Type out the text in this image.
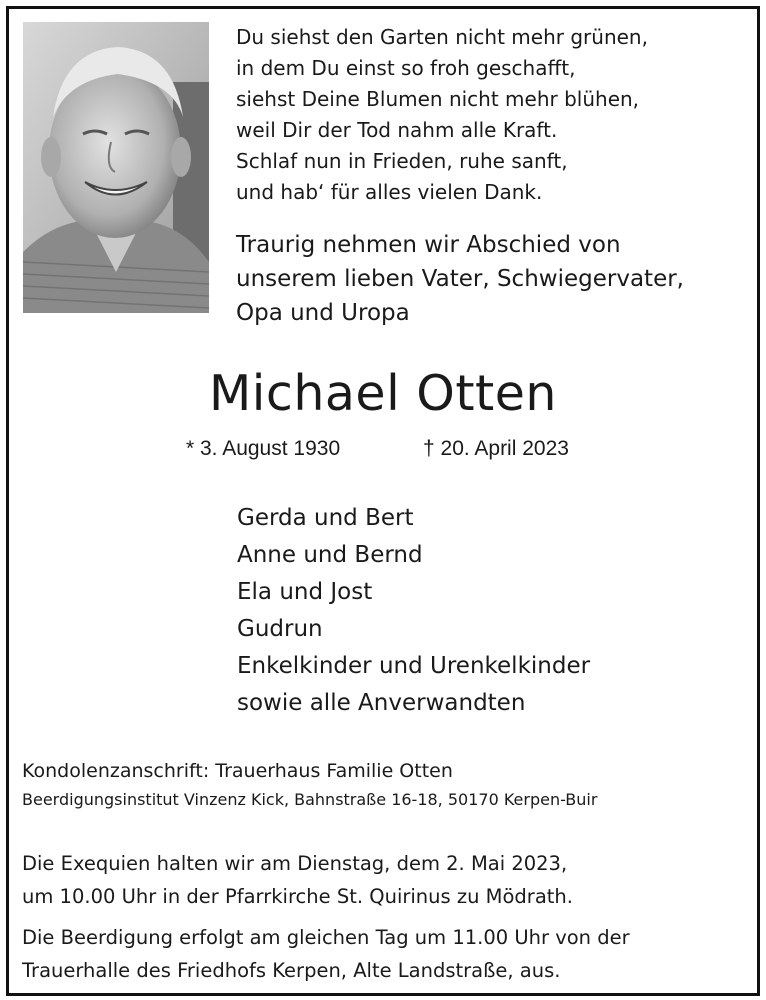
Du siehst den Garten nicht mehr grünen,
in dem Du einst so froh geschafft,
siehst Deine Blumen nicht mehr blühen,
weil Dir der Tod nahm alle Kraft.
Schlaf nun in Frieden, ruhe sanft,
und hab‘ für alles vielen Dank.
Traurig nehmen wir Abschied von
unserem lieben Vater, Schwiegervater,
Opa und Uropa
Michael Otten
* 3. August 1930	† 20. April 2023
Gerda und Bert
Anne und Bernd
Ela und Jost
Gudrun
Enkelkinder und Urenkelkinder
sowie alle Anverwandten
Kondolenzanschrift: Trauerhaus Familie Otten
Beerdigungsinstitut Vinzenz Kick, Bahnstraße 16-18, 50170 Kerpen-Buir
Die Exequien halten wir am Dienstag, dem 2. Mai 2023,
um 10.00 Uhr in der Pfarrkirche St. Quirinus zu Mödrath.
Die Beerdigung erfolgt am gleichen Tag um 11.00 Uhr von der
Trauerhalle des Friedhofs Kerpen, Alte Landstraße, aus.
